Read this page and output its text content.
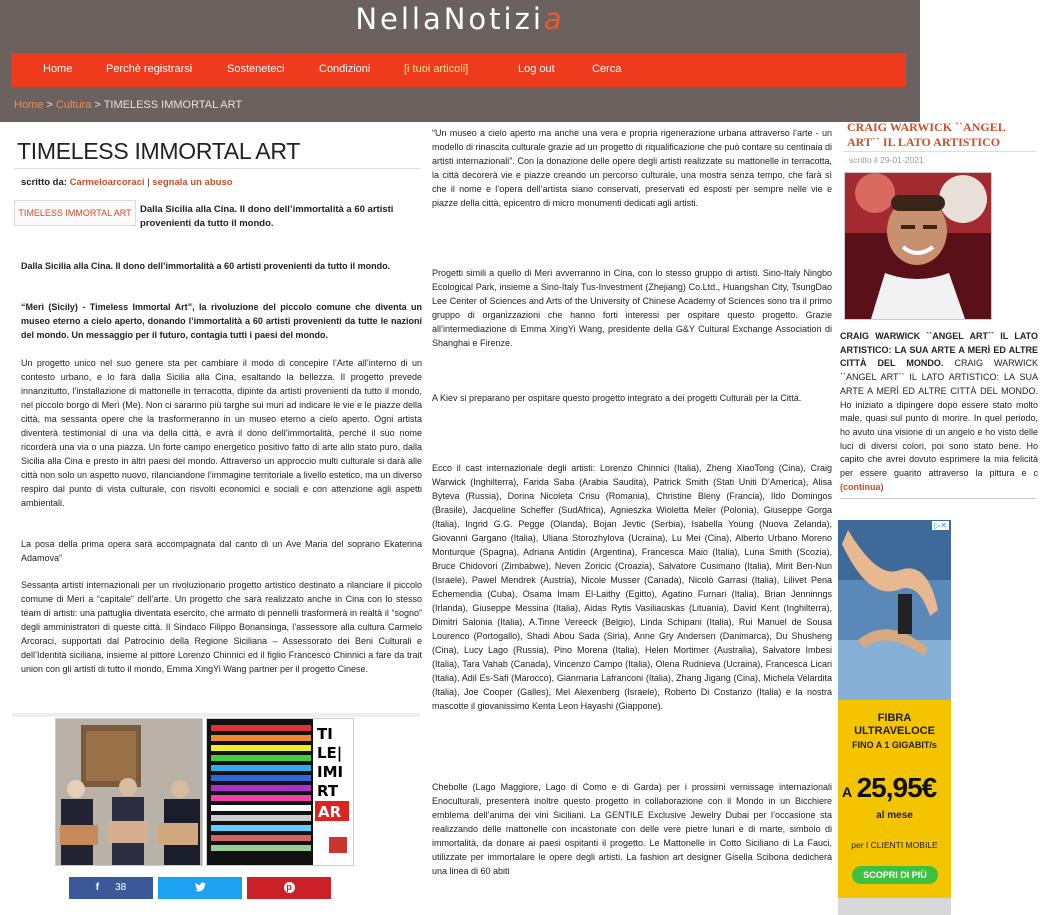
NellaNotizia
Home	Perchè registrarsi	Sosteneteci	Condizioni	[i tuoi articoli]	Log out	Cerca
Home > Cultura > TIMELESS IMMORTAL ART
TIMELESS IMMORTAL ART
scritto da: Carmeloarcoraci | segnala un abuso
TIMELESS IMMORTAL ART Dalla Sicilia alla Cina. Il dono dell’immortalità a 60 artisti provenienti da tutto il mondo.
Dalla Sicilia alla Cina. Il dono dell’immortalità a 60 artisti provenienti da tutto il mondo.
“Merì (Sicily) - Timeless Immortal Art”, la rivoluzione del piccolo comune che diventa un museo eterno a cielo aperto, donando l’immortalità a 60 artisti provenienti da tutte le nazioni del mondo. Un messaggio per il futuro, contagia tutti i paesi del mondo.
Un progetto unico nel suo genere sta per cambiare il modo di concepire l’Arte all’interno di un contesto urbano, e lo farà dalla Sicilia alla Cina, esaltando la bellezza. Il progetto prevede innanzitutto, l’installazione di mattonelle in terracotta, dipinte da artisti provenienti da tutto il mondo, nel piccolo borgo di Merì (Me). Non ci saranno più targhe sui muri ad indicare le vie e le piazze della città, ma sessanta opere che la trasformeranno in un museo eterno a cielo aperto. Ogni artista diventerà testimonial di una via della città, e avrà il dono dell’immortalità, perché il suo nome ricorderà una via o una piazza. Un forte campo energetico positivo fatto di arte allo stato puro, dalla Sicilia alla Cina e presto in altri paesi del mondo. Attraverso un approccio multi culturale si darà alle città non solo un aspetto nuovo, rilanciandone l’immagine territoriale a livello estetico, ma un diverso respiro dal punto di vista culturale, con risvolti economici e sociali e con attenzione agli aspetti ambientali.
La posa della prima opera sarà accompagnata dal canto di un Ave Maria del soprano Ekaterina Adamova”
Sessanta artisti internazionali per un rivoluzionario progetto artistico destinato a rilanciare il piccolo comune di Merì a “capitale” dell’arte. Un progetto che sarà realizzato anche in Cina con lo stesso team di artisti: una pattuglia diventata esercito, che armato di pennelli trasformerà in realtà il “sogno” degli amministratori di queste città. Il Sindaco Filippo Bonansinga, l’assessore alla cultura Carmelo Arcoraci, supportati dal Patrocinio della Regione Siciliana – Assessorato dei Beni Culturali e dell’Identità siciliana, insieme al pittore Lorenzo Chinnici ed il figlio Francesco Chinnici a fare da trait union con gli artisti di tutto il mondo, Emma XingYi Wang partner per il progetto Cinese.
TI
LE|
IMI
RT
AR
f 38	p
“Un museo a cielo aperto ma anche una vera e propria rigenerazione urbana attraverso l’arte - un modello di rinascita culturale grazie ad un progetto di riqualificazione che può contare su centinaia di artisti internazionali”. Con la donazione delle opere degli artisti realizzate su mattonelle in terracotta, la città decorerà vie e piazze creando un percorso culturale, una mostra senza tempo, che farà sì che il nome e l’opera dell’artista siano conservati, preservati ed esposti per sempre nelle vie e piazze della città, epicentro di micro monumenti dedicati agli artisti.
Progetti simili a quello di Merì avverranno in Cina, con lo stesso gruppo di artisti. Sino-Italy Ningbo Ecological Park, insieme a Sino-Italy Tus-Investment (Zhejiang) Co.Ltd., Huangshan City, TsungDao Lee Center of Sciences and Arts of the University of Chinese Academy of Sciences sono tra il primo gruppo di organizzazioni che hanno forti interessi per ospitare questo progetto. Grazie all’intermediazione di Emma XingYi Wang, presidente della G&Y Cultural Exchange Association di Shanghai e Firenze.
A Kiev si preparano per ospitare questo progetto integrato a dei progetti Culturali per la Città.
Ecco il cast internazionale degli artisti: Lorenzo Chinnici (Italia), Zheng XiaoTong (Cina), Craig Warwick (Inghilterra), Farida Saba (Arabia Saudita), Patrick Smith (Stati Uniti D’America), Alisa Byteva (Russia), Dorina Nicoleta Crisu (Romania), Christine Bleny (Francia), Ildo Domingos (Brasile), Jacqueline Scheffer (SudAfrica), Agnieszka Wioletta Meler (Polonia), Giuseppe Gorga (Italia), Ingrid G.G. Pegge (Olanda), Bojan Jevtic (Serbia), Isabella Young (Nuova Zelanda), Giovanni Gargano (Italia), Uliana Storozhylova (Ucraina), Lu Mei (Cina), Alberto Urbano Moreno Monturque (Spagna), Adriana Antidin (Argentina), Francesca Maio (Italia), Luna Smith (Scozia), Bruce Chidovori (Zimbabwe), Neven Zoricic (Croazia), Salvatore Cusimano (Italia), Mirit Ben-Nun (Israele), Pawel Mendrek (Austria), Nicole Musser (Canada), Nicolò Garrasi (Italia), Lilivet Pena Echemendia (Cuba), Osama Imam El-Laithy (Egitto), Agatino Furnari (Italia), Brian Jenninngs (Irlanda), Giuseppe Messina (Italia), Aidas Rytis Vasiliauskas (Lituania), David Kent (Inghilterra), Dimitri Salonia (Italia), A.Tinne Vereeck (Belgio), Linda Schipani (Italia), Rui Manuel de Sousa Lourenco (Portogallo), Shadi Abou Sada (Siria), Anne Gry Andersen (Danimarca), Du Shusheng (Cina), Lucy Lago (Russia), Pino Morena (Italia), Helen Mortimer (Australia), Salvatore Imbesi (Italia), Tara Vahab (Canada), Vincenzo Campo (Italia), Olena Rudnieva (Ucraina), Francesca Licari (Italia), Adil Es-Safi (Marocco), Gianmaria Lafranconi (Italia), Zhang Jigang (Cina), Michela Velardita (Italia), Joe Cooper (Galles), Mel Alexenberg (Israele), Roberto Di Costanzo (Italia) e la nostra mascotte il giovanissimo Kenta Leon Hayashi (Giappone).
Chebolle (Lago Maggiore, Lago di Como e di Garda) per i prossimi vernissage internazionali Enoculturali, presenterà inoltre questo progetto in collaborazione con il Mondo in un Bicchiere emblema dell’anima dei vini Siciliani. La GENTILE Exclusive Jewelry Dubai per l’occasione sta realizzando delle mattonelle con incastonate con delle vere pietre lunari e di marte, simbolo di immortalità, da donare ai paesi ospitanti il progetto. Le Mattonelle in Cotto Siciliano di La Fauci, utilizzate per immortalare le opere degli artisti. La fashion art designer Gisella Scibona dedicherà una linea di 60 abiti
CRAIG WARWICK ``ANGEL ART`` IL LATO ARTISTICO
scritto il 29-01-2021
CRAIG WARWICK ``ANGEL ART`` IL LATO ARTISTICO: LA SUA ARTE A MERÌ ED ALTRE CITTÀ DEL MONDO. CRAIG WARWICK ``ANGEL ART`` IL LATO ARTISTICO: LA SUA ARTE A MERÌ ED ALTRE CITTÀ DEL MONDO. Ho iniziato a dipingere dopo essere stato molto male, quasi sul punto di morire. In quel periodo, ho avuto una visione di un angelo e ho visto delle luci di diversi colori, poi sono stato bene. Ho capito che avrei dovuto esprimere la mia felicità per essere guarito attraverso la pittura e c (continua)
▷✕
FIBRA
ULTRAVELOCE
FINO A 1 GIGABIT/s
A 25,95€
al mese
per I CLIENTI MOBILE
SCOPRI DI PIÙ
